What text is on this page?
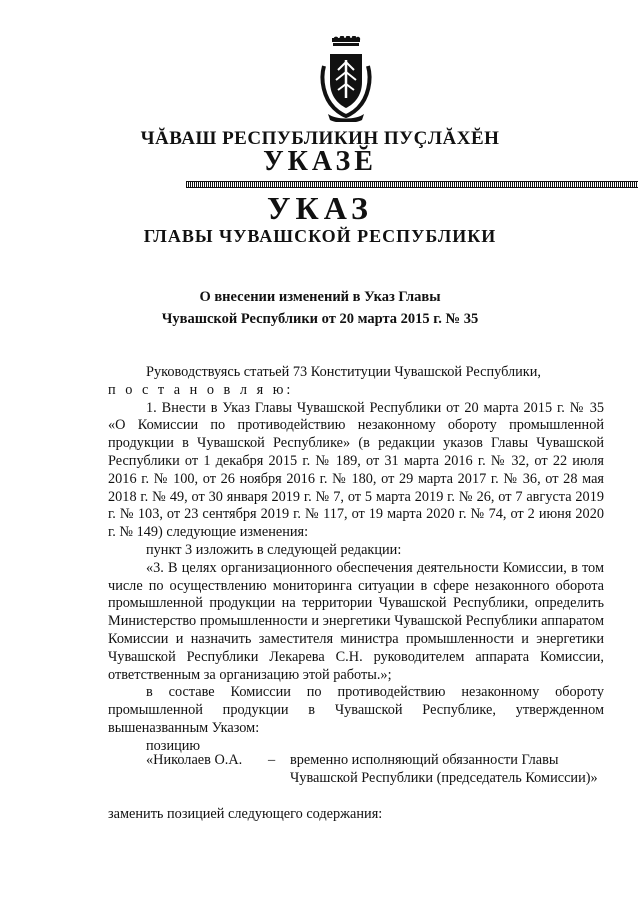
ЧĂВАШ РЕСПУБЛИКИН ПУÇЛĂХĔН
УКАЗĔ
УКАЗ
ГЛАВЫ ЧУВАШСКОЙ РЕСПУБЛИКИ
О внесении изменений в Указ Главы
Чувашской Республики от 20 марта 2015 г. № 35

Руководствуясь статьей 73 Конституции Чувашской Республики,

п о с т а н о в л я ю:

1. Внести в Указ Главы Чувашской Республики от 20 марта 2015 г. № 35 «О Комиссии по противодействию незаконному обороту промышленной продукции в Чувашской Республике» (в редакции указов Главы Чувашской Республики от 1 декабря 2015 г. № 189, от 31 марта 2016 г. № 32, от 22 июля 2016 г. № 100, от 26 ноября 2016 г. № 180, от 29 марта 2017 г. № 36, от 28 мая 2018 г. № 49, от 30 января 2019 г. № 7, от 5 марта 2019 г. № 26, от 7 августа 2019 г. № 103, от 23 сентября 2019 г. № 117, от 19 марта 2020 г. № 74, от 2 июня 2020 г. № 149) следующие изменения:

пункт 3 изложить в следующей редакции:

«3. В целях организационного обеспечения деятельности Комиссии, в том числе по осуществлению мониторинга ситуации в сфере незаконного оборота промышленной продукции на территории Чувашской Республики, определить Министерство промышленности и энергетики Чувашской Республики аппаратом Комиссии и назначить заместителя министра промышленности и энергетики Чувашской Республики Лекарева С.Н. руководителем аппарата Комиссии, ответственным за организацию этой работы.»;

в составе Комиссии по противодействию незаконному обороту промышленной продукции в Чувашской Республике, утвержденном вышеназванным Указом:

позицию

«Николаев О.А. – временно исполняющий обязанности Главы Чувашской Республики (председатель Комиссии)»
заменить позицией следующего содержания:
